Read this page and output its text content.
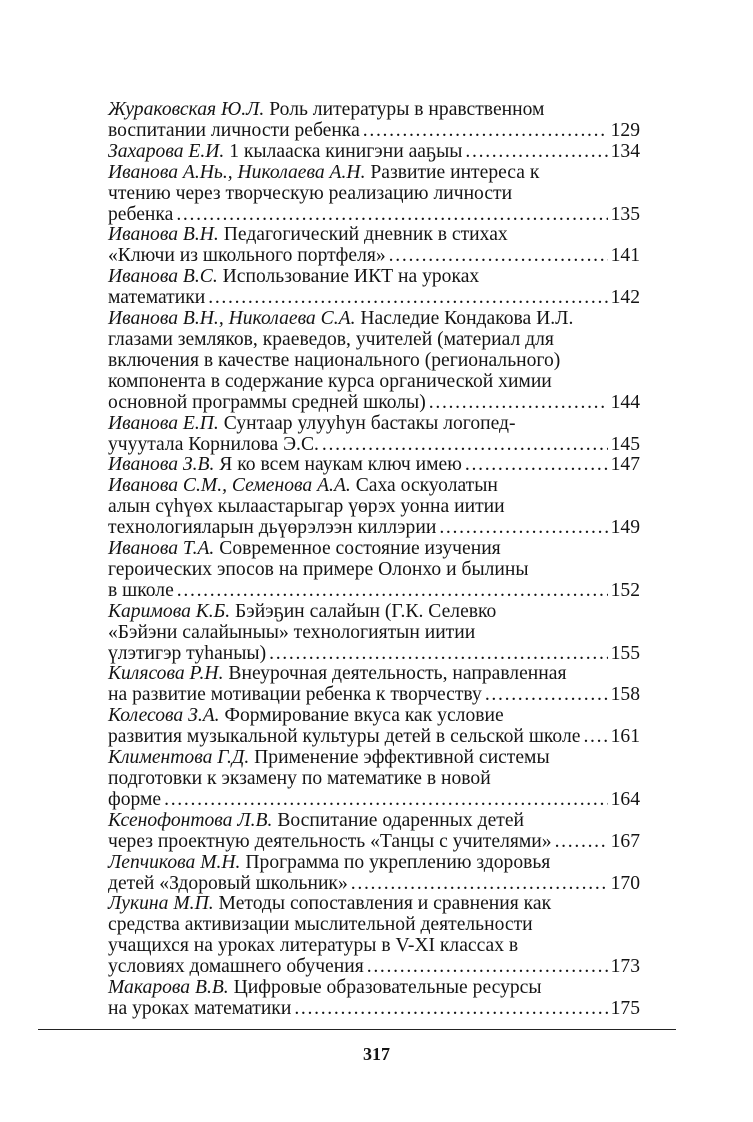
Жураковская Ю.Л.
Роль литературы в нравственном
воспитании личности ребенка . . .	129
Захарова Е.И.
1 кылааска кинигэни ааҕыы . . .	134
Иванова А.Нь., Николаева А.Н.
Развитие интереса к
чтению через творческую реализацию личности
ребенка . . .	135
Иванова В.Н.
Педагогический дневник в стихах
«Ключи из школьного портфеля» . . .	141
Иванова В.С.
Использование ИКТ на уроках
математики . . .	142
Иванова В.Н., Николаева С.А.
Наследие Кондакова И.Л.
глазами земляков, краеведов, учителей (материал для
включения в качестве национального (регионального)
компонента в содержание курса органической химии
основной программы средней школы) . . .	144
Иванова Е.П.
Сунтаар улууһун бастакы логопед-
учуутала Корнилова Э.С. . . .	145
Иванова З.В.
Я ко всем наукам ключ имею . . .	147
Иванова С.М., Семенова А.А.
Саха оскуолатын
алын сүһүөх кылаастарыгар үөрэх уонна иитии
технологияларын дьүөрэлээн киллэрии . . .	149
Иванова Т.А.
Современное состояние изучения
героических эпосов на примере Олонхо и былины
в школе . . .	152
Каримова К.Б.
Бэйэҕин салайын (Г.К. Селевко
«Бэйэни салайыныы» технологиятын иитии
үлэтигэр туһаныы) . . .	155
Килясова Р.Н.
Внеурочная деятельность, направленная
на развитие мотивации ребенка к творчеству . . .	158
Колесова З.А.
Формирование вкуса как условие
развития музыкальной культуры детей в сельской школе . . . 161
Климентова Г.Д.
Применение эффективной системы
подготовки к экзамену по математике в новой
форме . . .	164
Ксенофонтова Л.В.
Воспитание одаренных детей
через проектную деятельность «Танцы с учителями» . . .	167
Лепчикова М.Н.
Программа по укреплению здоровья
детей «Здоровый школьник» . . .	170
Лукина М.П.
Методы сопоставления и сравнения как
средства активизации мыслительной деятельности
учащихся на уроках литературы в V-XI классах в
условиях домашнего обучения . . .	173
Макарова В.В.
Цифровые образовательные ресурсы
на уроках математики . . .	175
317
